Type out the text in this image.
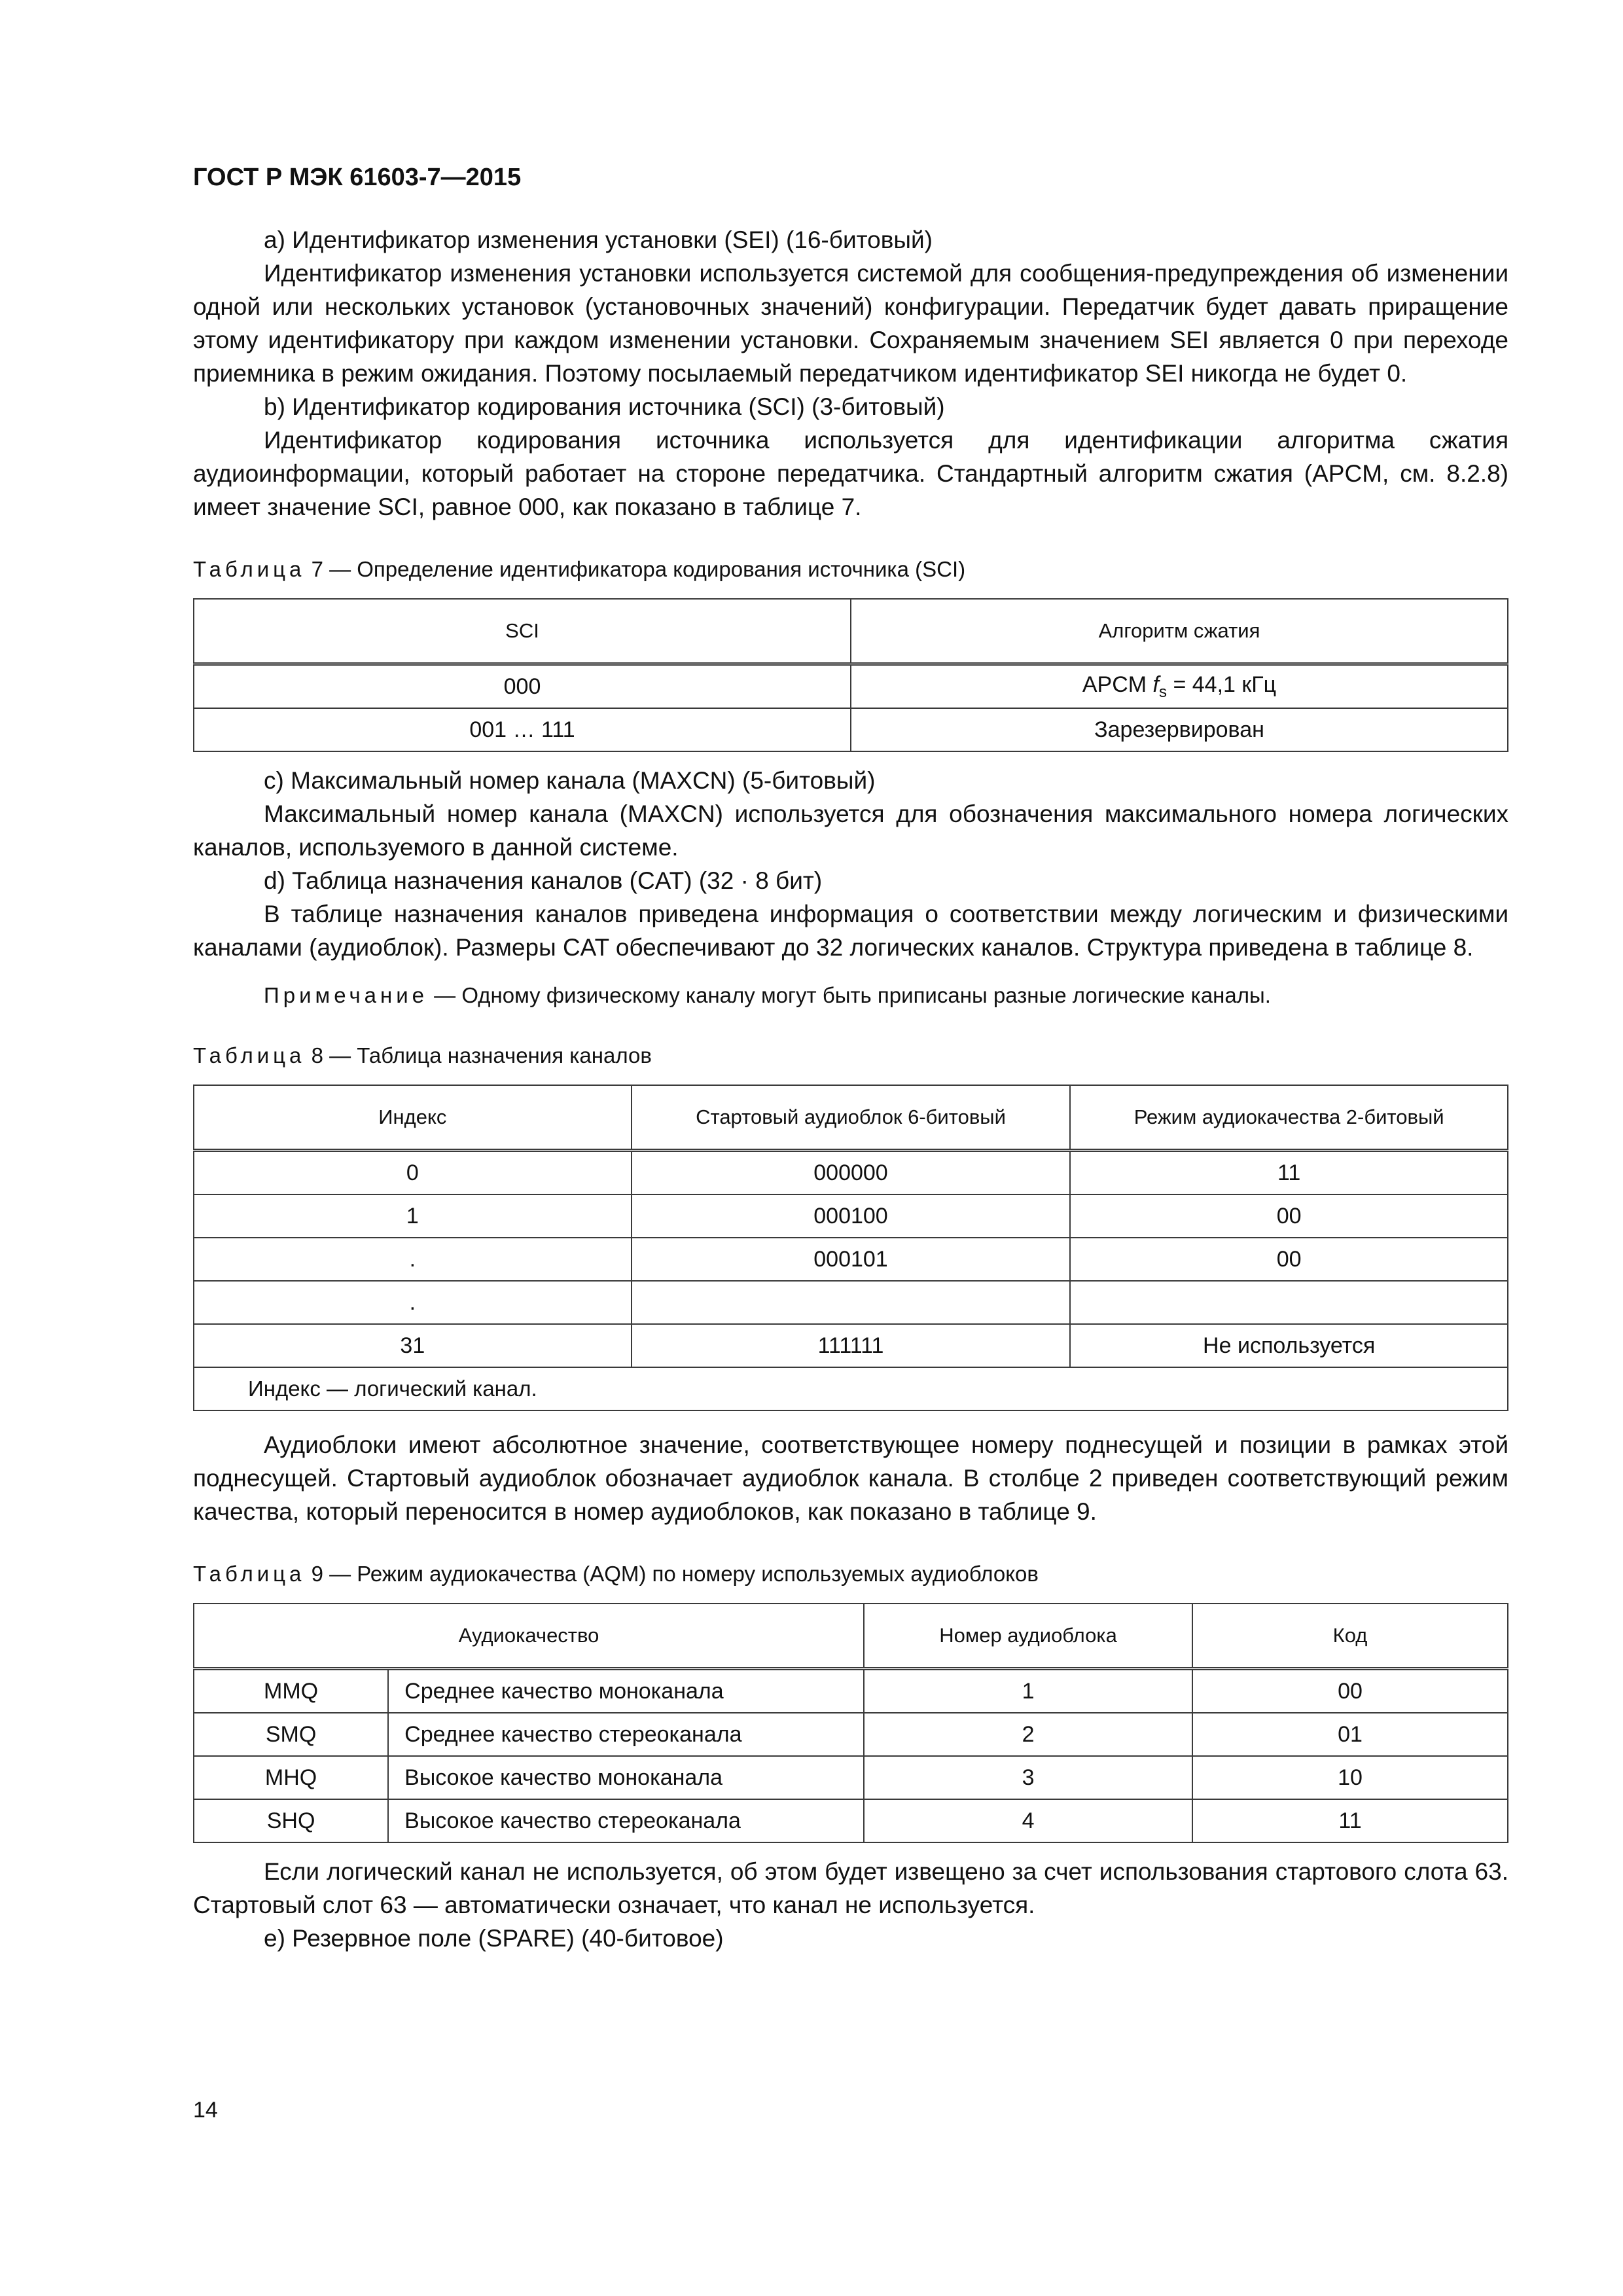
ГОСТ Р МЭК 61603-7—2015

a) Идентификатор изменения установки (SEI) (16-битовый)

Идентификатор изменения установки используется системой для сообщения-предупреждения об изменении одной или нескольких установок (установочных значений) конфигурации. Передатчик будет давать приращение этому идентификатору при каждом изменении установки. Сохраняемым значением SEI является 0 при переходе приемника в режим ожидания. Поэтому посылаемый передатчиком идентификатор SEI никогда не будет 0.

b) Идентификатор кодирования источника (SCI) (3-битовый)

Идентификатор кодирования источника используется для идентификации алгоритма сжатия аудиоинформации, который работает на стороне передатчика. Стандартный алгоритм сжатия (APCM, см. 8.2.8) имеет значение SCI, равное 000, как показано в таблице 7.

Таблица 7 — Определение идентификатора кодирования источника (SCI)
SCI	Алгоритм сжатия
000	APCM $f_s = 44,1$ кГц
001 … 111	Зарезервирован

c) Максимальный номер канала (MAXCN) (5-битовый)

Максимальный номер канала (MAXCN) используется для обозначения максимального номера логических каналов, используемого в данной системе.

d) Таблица назначения каналов (CAT) (32 · 8 бит)

В таблице назначения каналов приведена информация о соответствии между логическим и физическими каналами (аудиоблок). Размеры CAT обеспечивают до 32 логических каналов. Структура приведена в таблице 8.

Примечание — Одному физическому каналу могут быть приписаны разные логические каналы.
Таблица 8 — Таблица назначения каналов
Индекс	Стартовый аудиоблок 6-битовый	Режим аудиокачества 2-битовый
0	000000	11
1	000100	00
.	000101	00
.		
31	111111	Не используется
Индекс — логический канал.		

Аудиоблоки имеют абсолютное значение, соответствующее номеру поднесущей и позиции в рамках этой поднесущей. Стартовый аудиоблок обозначает аудиоблок канала. В столбце 2 приведен соответствующий режим качества, который переносится в номер аудиоблоков, как показано в таблице 9.

Таблица 9 — Режим аудиокачества (AQM) по номеру используемых аудиоблоков
Аудиокачество		Номер аудиоблока	Код
MMQ	Среднее качество моноканала	1	00
SMQ	Среднее качество стереоканала	2	01
MHQ	Высокое качество моноканала	3	10
SHQ	Высокое качество стереоканала	4	11

Если логический канал не используется, об этом будет извещено за счет использования стартового слота 63. Стартовый слот 63 — автоматически означает, что канал не используется.

e) Резервное поле (SPARE) (40-битовое)

14
